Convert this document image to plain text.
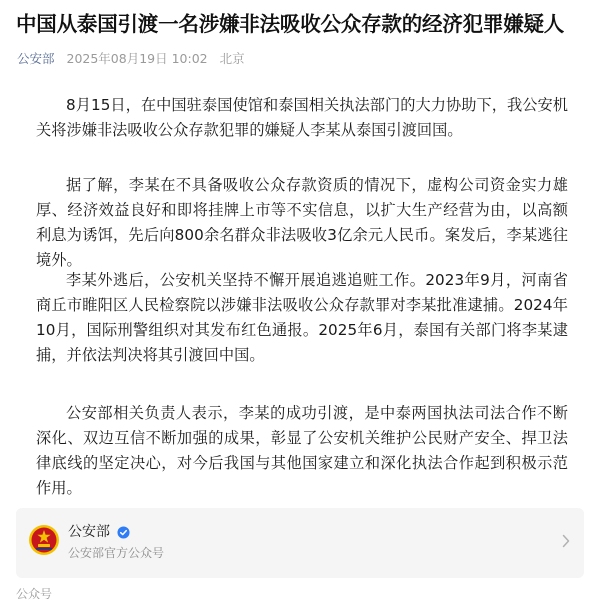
中国从泰国引渡一名涉嫌非法吸收公众存款的经济犯罪嫌疑人
公安部 2025年08月19日 10:02 北京

8月15日，在中国驻泰国使馆和泰国相关执法部门的大力协助下，我公安机关将涉嫌非法吸收公众存款犯罪的嫌疑人李某从泰国引渡回国。

据了解，李某在不具备吸收公众存款资质的情况下，虚构公司资金实力雄厚、经济效益良好和即将挂牌上市等不实信息，以扩大生产经营为由，以高额利息为诱饵，先后向800余名群众非法吸收3亿余元人民币。案发后，李某逃往境外。

李某外逃后，公安机关坚持不懈开展追逃追赃工作。2023年9月，河南省商丘市睢阳区人民检察院以涉嫌非法吸收公众存款罪对李某批准逮捕。2024年10月，国际刑警组织对其发布红色通报。2025年6月，泰国有关部门将李某逮捕，并依法判决将其引渡回中国。

公安部相关负责人表示，李某的成功引渡，是中泰两国执法司法合作不断深化、双边互信不断加强的成果，彰显了公安机关维护公民财产安全、捍卫法律底线的坚定决心，对今后我国与其他国家建立和深化执法合作起到积极示范作用。

公安部
公安部官方公众号
公众号
